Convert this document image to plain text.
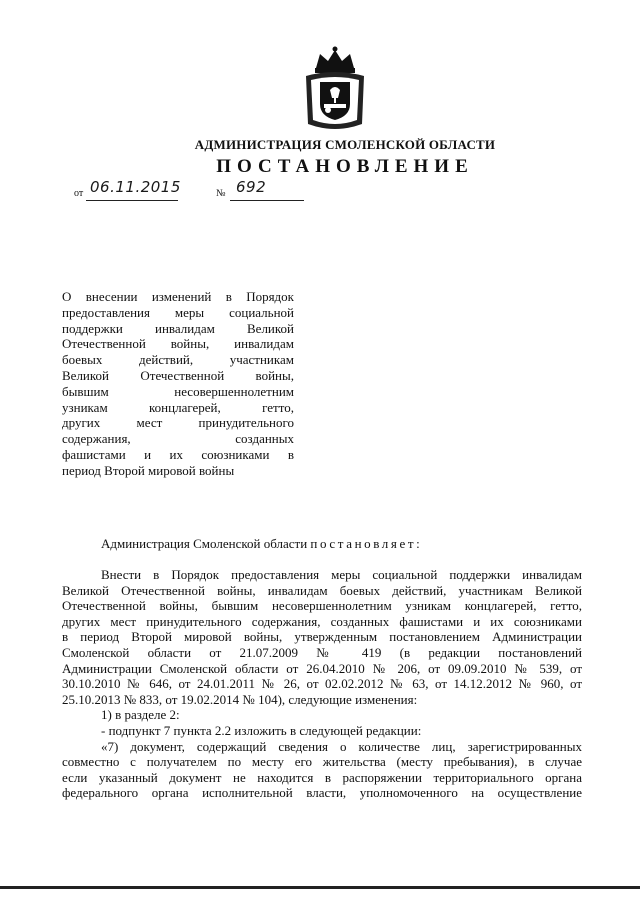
АДМИНИСТРАЦИЯ СМОЛЕНСКОЙ ОБЛАСТИ
ПОСТАНОВЛЕНИЕ
от 06.11.2015	№ 692
О внесении изменений в Порядок
предоставления меры социальной
поддержки инвалидам Великой
Отечественной войны, инвалидам
боевых действий, участникам
Великой Отечественной войны,
бывшим несовершеннолетним
узникам концлагерей, гетто,
других мест принудительного
содержания, созданных
фашистами и их союзниками в
период Второй мировой войны
Администрация Смоленской области постановляет:
Внести в Порядок предоставления меры социальной поддержки инвалидам
Великой Отечественной войны, инвалидам боевых действий, участникам Великой
Отечественной войны, бывшим несовершеннолетним узникам концлагерей, гетто,
других мест принудительного содержания, созданных фашистами и их союзниками
в период Второй мировой войны, утвержденным постановлением Администрации
Смоленской области от 21.07.2009 № 419 (в редакции постановлений
Администрации Смоленской области от 26.04.2010 № 206, от 09.09.2010 № 539, от
30.10.2010 № 646, от 24.01.2011 № 26, от 02.02.2012 № 63, от 14.12.2012 № 960, от
25.10.2013 № 833, от 19.02.2014 № 104), следующие изменения:
1) в разделе 2:
- подпункт 7 пункта 2.2 изложить в следующей редакции:
«7) документ, содержащий сведения о количестве лиц, зарегистрированных
совместно с получателем по месту его жительства (месту пребывания), в случае
если указанный документ не находится в распоряжении территориального органа
федерального органа исполнительной власти, уполномоченного на осуществление
